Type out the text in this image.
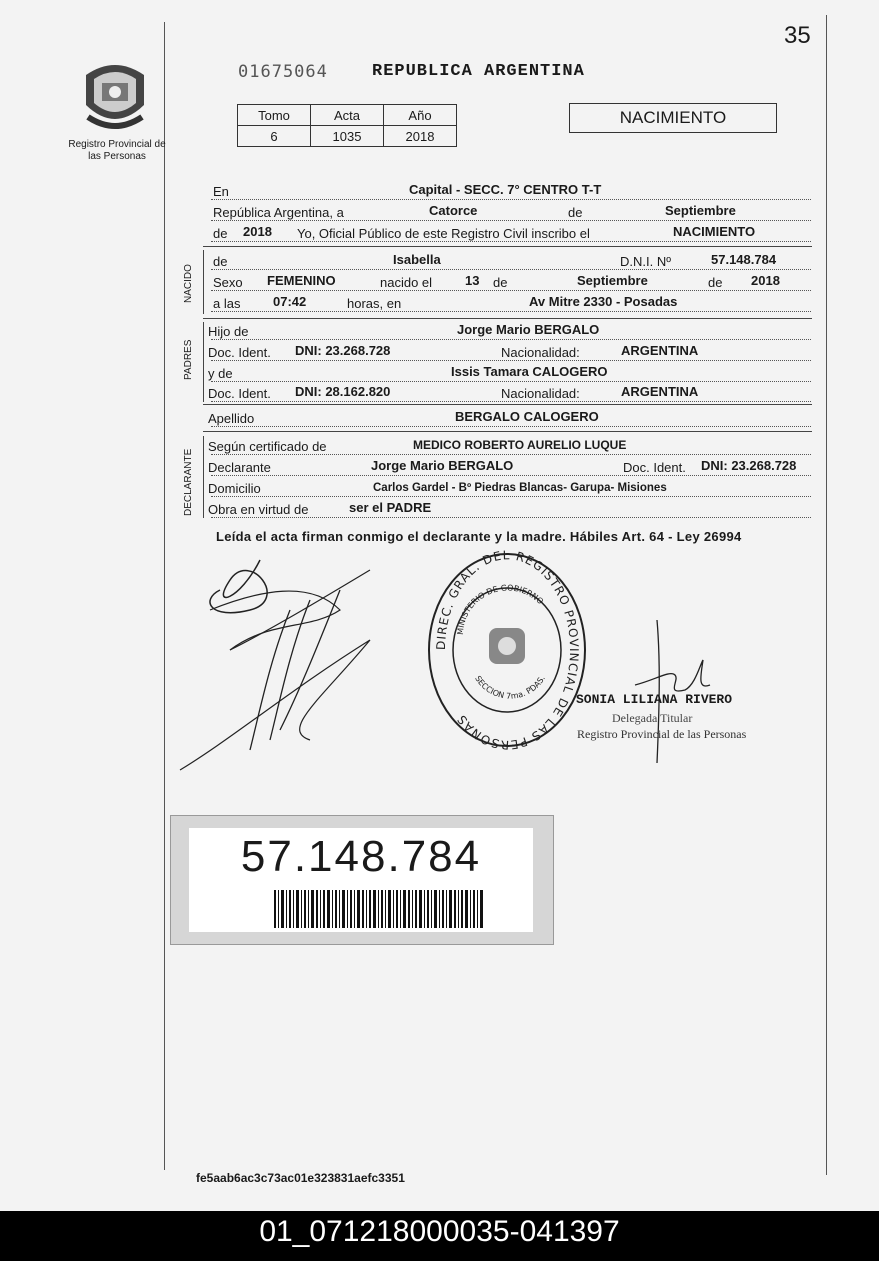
35
Registro Provincial de las Personas
01675064	REPUBLICA ARGENTINA
Tomo	Acta	Año
6	1035	2018
NACIMIENTO
En	Capital - SECC. 7° CENTRO T-T
República Argentina, a	Catorce	de	Septiembre
de 2018 Yo, Oficial Público de este Registro Civil inscribo el	NACIMIENTO
NACIDO
de	Isabella	D.N.I. Nº	57.148.784
Sexo FEMENINO	nacido el	13 de	Septiembre	de 2018
a las	07:42	horas, en	Av Mitre 2330 - Posadas
PADRES
Hijo de	Jorge Mario BERGALO
Doc. Ident. DNI: 23.268.728	Nacionalidad:	ARGENTINA
y de	Issis Tamara CALOGERO
Doc. Ident. DNI: 28.162.820	Nacionalidad:	ARGENTINA
Apellido	BERGALO CALOGERO
DECLARANTE
Según certificado de	MEDICO ROBERTO AURELIO LUQUE
Declarante	Jorge Mario BERGALO	Doc. Ident. DNI: 23.268.728
Domicilio	Carlos Gardel - Bº Piedras Blancas- Garupa- Misiones
Obra en virtud de	ser el PADRE
Leída el acta firman conmigo el declarante y la madre. Hábiles Art. 64 - Ley 26994
DIREC. GRAL. DEL REGISTRO PROVINCIAL DE LAS PERSONAS
MINISTERIO DE GOBIERNO
SECCION 7ma. PDAS.
SONIA LILIANA RIVERO
Delegada Titular
Registro Provincial de las Personas
57.148.784
fe5aab6ac3c73ac01e323831aefc3351
01_071218000035-041397
